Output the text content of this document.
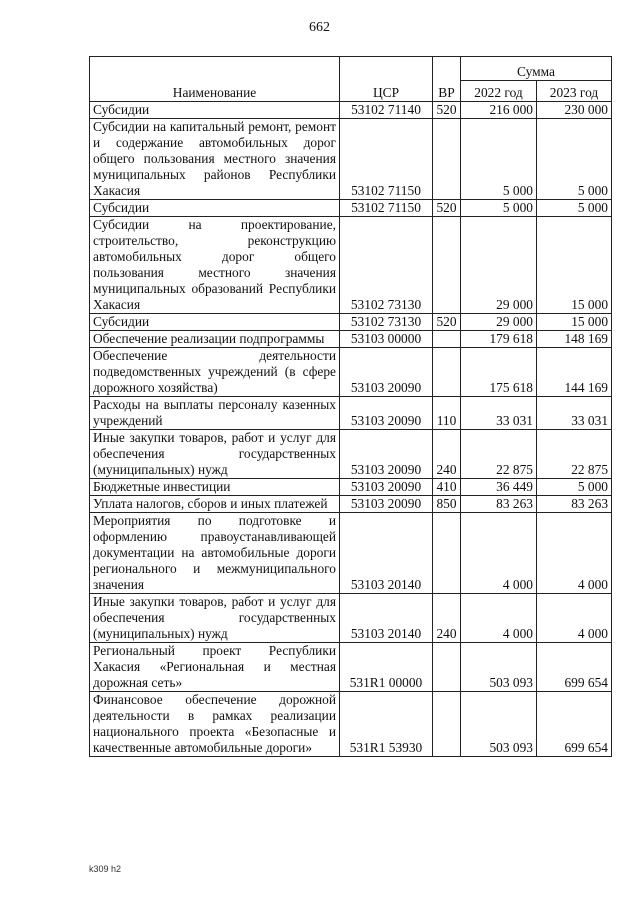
662
Наименование	ЦСР	ВР	Сумма	
			2022 год	2023 год
Субсидии	53102 71140	520	216 000	230 000
Субсидии на капитальный ремонт, ремонт и содержание автомобильных дорог общего пользования местного значения муниципальных районов Республики Хакасия	53102 71150		5 000	5 000
Субсидии	53102 71150	520	5 000	5 000
Субсидии на проектирование, строительство, реконструкцию автомобильных дорог общего пользования местного значения муниципальных образований Республики Хакасия	53102 73130		29 000	15 000
Субсидии	53102 73130	520	29 000	15 000
Обеспечение реализации подпрограммы	53103 00000		179 618	148 169
Обеспечение деятельности подведомственных учреждений (в сфере дорожного хозяйства)	53103 20090		175 618	144 169
Расходы на выплаты персоналу казенных учреждений	53103 20090	110	33 031	33 031
Иные закупки товаров, работ и услуг для обеспечения государственных (муниципальных) нужд	53103 20090	240	22 875	22 875
Бюджетные инвестиции	53103 20090	410	36 449	5 000
Уплата налогов, сборов и иных платежей	53103 20090	850	83 263	83 263
Мероприятия по подготовке и оформлению правоустанавливающей документации на автомобильные дороги регионального и межмуниципального значения	53103 20140		4 000	4 000
Иные закупки товаров, работ и услуг для обеспечения государственных (муниципальных) нужд	53103 20140	240	4 000	4 000
Региональный проект Республики Хакасия «Региональная и местная дорожная сеть»	531R1 00000		503 093	699 654
Финансовое обеспечение дорожной деятельности в рамках реализации национального проекта «Безопасные и качественные автомобильные дороги»	531R1 53930		503 093	699 654
k309 h2
